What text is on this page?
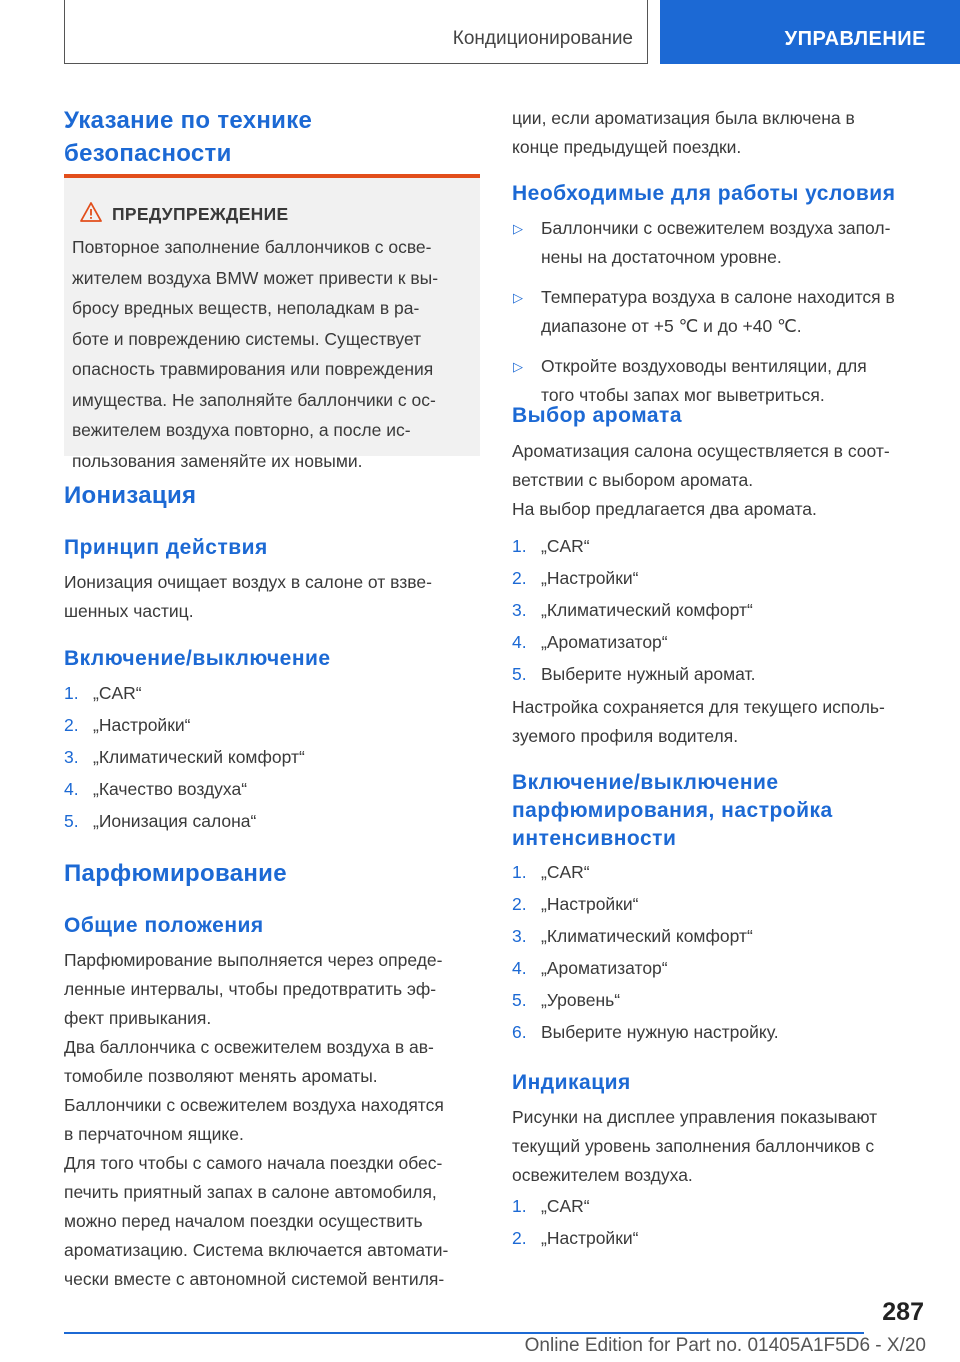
Кондиционирование	УПРАВЛЕНИЕ
Указание по технике
безопасности
ПРЕДУПРЕЖДЕНИЕ

Повторное заполнение баллончиков с осве-
жителем воздуха BMW может привести к вы-
бросу вредных веществ, неполадкам в ра-
боте и повреждению системы. Существует
опасность травмирования или повреждения
имущества. Не заполняйте баллончики с ос-
вежителем воздуха повторно, а после ис-
пользования заменяйте их новыми.

Ионизация
Принцип действия

Ионизация очищает воздух в салоне от взве-
шенных частиц.

Включение/выключение
1. „CAR“
2. „Настройки“
3. „Климатический комфорт“
4. „Качество воздуха“
5. „Ионизация салона“
Парфюмирование
Общие положения

Парфюмирование выполняется через опреде-
ленные интервалы, чтобы предотвратить эф-
фект привыкания.

Два баллончика с освежителем воздуха в ав-
томобиле позволяют менять ароматы.

Баллончики с освежителем воздуха находятся
в перчаточном ящике.

Для того чтобы с самого начала поездки обес-
печить приятный запах в салоне автомобиля,
можно перед началом поездки осуществить
ароматизацию. Система включается автомати-
чески вместе с автономной системой вентиля-

ции, если ароматизация была включена в
конце предыдущей поездки.

Необходимые для работы условия
▷ Баллончики с освежителем воздуха запол-
нены на достаточном уровне.
▷ Температура воздуха в салоне находится в
диапазоне от +5 ℃ и до +40 ℃.
▷ Откройте воздуховоды вентиляции, для
того чтобы запах мог выветриться.
Выбор аромата

Ароматизация салона осуществляется в соот-
ветствии с выбором аромата.

На выбор предлагается два аромата.

1. „CAR“
2. „Настройки“
3. „Климатический комфорт“
4. „Ароматизатор“
5. Выберите нужный аромат.

Настройка сохраняется для текущего исполь-
зуемого профиля водителя.

Включение/выключение
парфюмирования, настройка
интенсивности
1. „CAR“
2. „Настройки“
3. „Климатический комфорт“
4. „Ароматизатор“
5. „Уровень“
6. Выберите нужную настройку.
Индикация

Рисунки на дисплее управления показывают
текущий уровень заполнения баллончиков с
освежителем воздуха.

1. „CAR“
2. „Настройки“
287
Online Edition for Part no. 01405A1F5D6 - X/20
